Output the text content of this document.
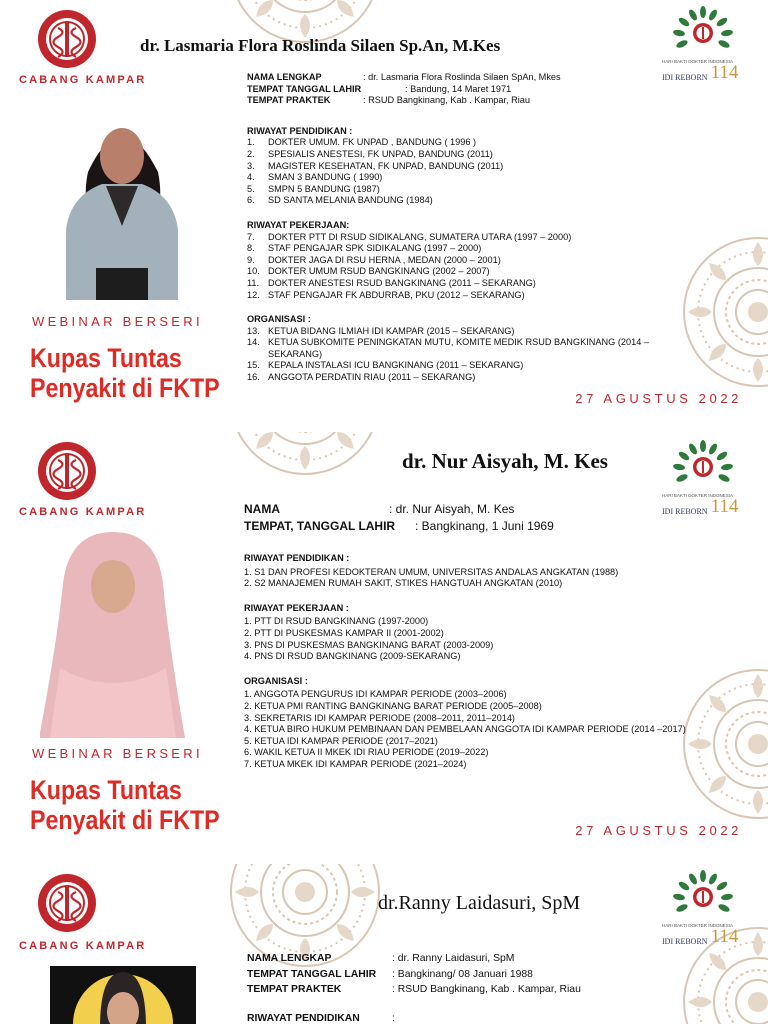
CABANG KAMPAR
HARI BAKTI DOKTER INDONESIA
IDI REBORN 114
dr. Lasmaria Flora Roslinda Silaen Sp.An, M.Kes
WEBINAR BERSERI
Kupas Tuntas
Penyakit di FKTP	27 AGUSTUS 2022
NAMA LENGKAP	: dr. Lasmaria Flora Roslinda Silaen SpAn, Mkes
TEMPAT TANGGAL LAHIR	: Bandung, 14 Maret 1971
TEMPAT PRAKTEK	: RSUD Bangkinang, Kab . Kampar, Riau
RIWAYAT PENDIDIKAN :
1.	DOKTER UMUM. FK UNPAD , BANDUNG ( 1996 )
2.	SPESIALIS ANESTESI, FK UNPAD, BANDUNG (2011)
3.	MAGISTER KESEHATAN, FK UNPAD, BANDUNG (2011)
4.	SMAN 3 BANDUNG ( 1990)
5.	SMPN 5 BANDUNG (1987)
6.	SD SANTA MELANIA BANDUNG (1984)
RIWAYAT PEKERJAAN:
7.	DOKTER PTT DI RSUD SIDIKALANG, SUMATERA UTARA (1997 – 2000)
8.	STAF PENGAJAR SPK SIDIKALANG (1997 – 2000)
9.	DOKTER JAGA DI RSU HERNA , MEDAN (2000 – 2001)
10. DOKTER UMUM RSUD BANGKINANG (2002 – 2007)
11. DOKTER ANESTESI RSUD BANGKINANG (2011 – SEKARANG)
12. STAF PENGAJAR FK ABDURRAB, PKU (2012 – SEKARANG)
ORGANISASI :
13. KETUA BIDANG ILMIAH IDI KAMPAR (2015 – SEKARANG)
14. KETUA SUBKOMITE PENINGKATAN MUTU, KOMITE MEDIK RSUD BANGKINANG (2014 –
SEKARANG)
15. KEPALA INSTALASI ICU BANGKINANG (2011 – SEKARANG)
16. ANGGOTA PERDATIN RIAU (2011 – SEKARANG)
CABANG KAMPAR
HARI BAKTI DOKTER INDONESIA
IDI REBORN 114
dr. Nur Aisyah, M. Kes
WEBINAR BERSERI
Kupas Tuntas
Penyakit di FKTP	27 AGUSTUS 2022
NAMA	: dr. Nur Aisyah, M. Kes
TEMPAT, TANGGAL LAHIR	: Bangkinang, 1 Juni 1969
RIWAYAT PENDIDIKAN :
1. S1 DAN PROFESI KEDOKTERAN UMUM, UNIVERSITAS ANDALAS ANGKATAN (1988)
2. S2 MANAJEMEN RUMAH SAKIT, STIKES HANGTUAH ANGKATAN (2010)
RIWAYAT PEKERJAAN :
1. PTT DI RSUD BANGKINANG (1997-2000)
2. PTT DI PUSKESMAS KAMPAR II (2001-2002)
3. PNS DI PUSKESMAS BANGKINANG BARAT (2003-2009)
4. PNS DI RSUD BANGKINANG (2009-SEKARANG)
ORGANISASI :
1. ANGGOTA PENGURUS IDI KAMPAR PERIODE (2003–2006)
2. KETUA PMI RANTING BANGKINANG BARAT PERIODE (2005–2008)
3. SEKRETARIS IDI KAMPAR PERIODE (2008–2011, 2011–2014)
4. KETUA BIRO HUKUM PEMBINAAN DAN PEMBELAAN ANGGOTA IDI KAMPAR PERIODE (2014 –2017)
5. KETUA IDI KAMPAR PERIODE (2017–2021)
6. WAKIL KETUA II MKEK IDI RIAU PERIODE (2019–2022)
7. KETUA MKEK IDI KAMPAR PERIODE (2021–2024)
CABANG KAMPAR
HARI BAKTI DOKTER INDONESIA
IDI REBORN 114
dr.Ranny Laidasuri, SpM
NAMA LENGKAP	: dr. Ranny Laidasuri, SpM
TEMPAT TANGGAL LAHIR	: Bangkinang/ 08 Januari 1988
TEMPAT PRAKTEK	: RSUD Bangkinang, Kab . Kampar, Riau
RIWAYAT PENDIDIKAN	:
